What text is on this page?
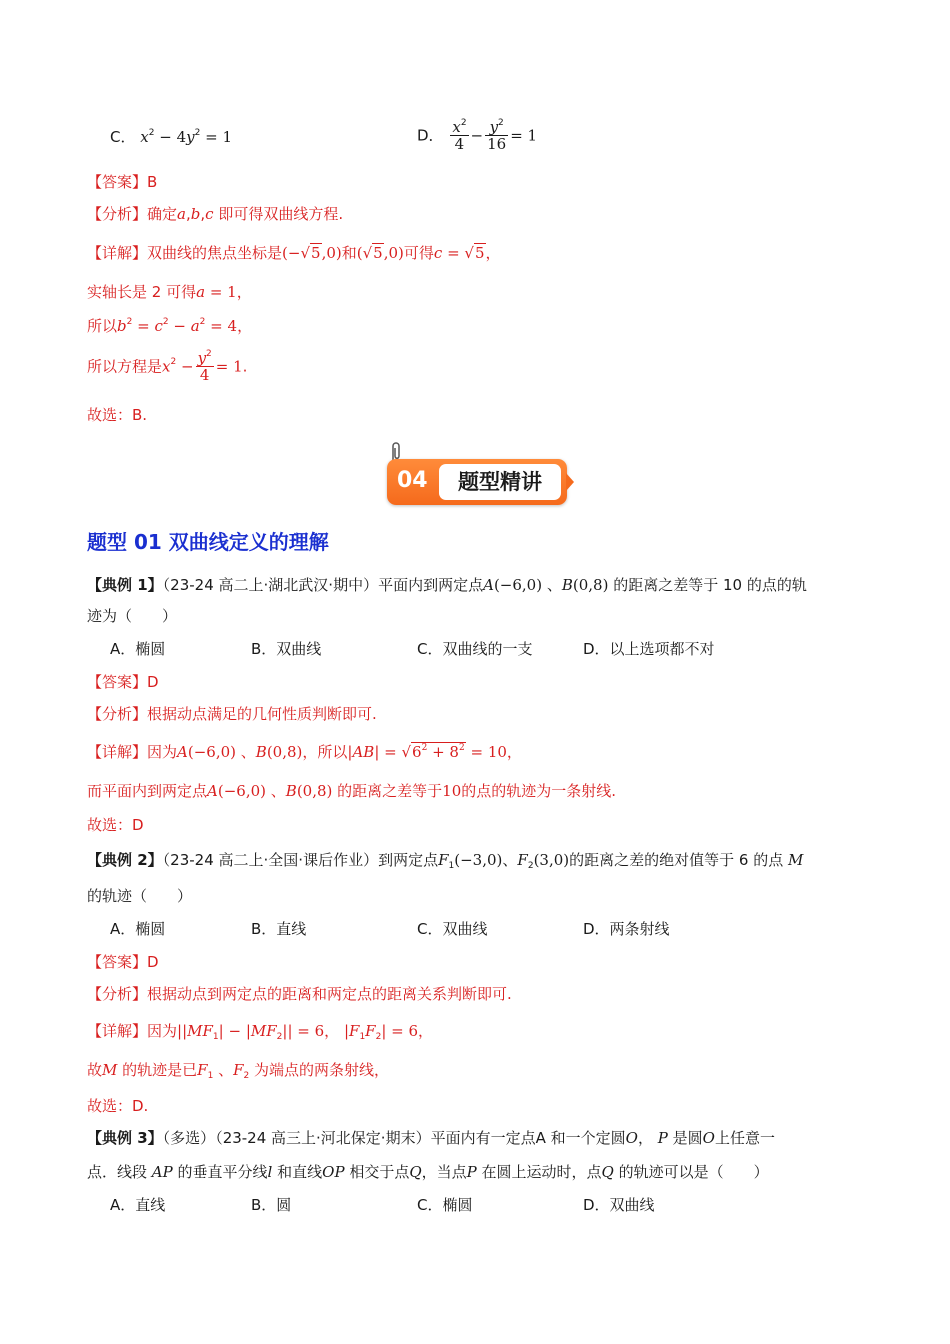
C． $x^2 - 4y^2 = 1$	D． $\frac{x^2}{4} - \frac{y^2}{16} = 1$
【答案】B
【分析】确定a,b,c 即可得双曲线方程.
【详解】双曲线的焦点坐标是(−√5,0)和(√5,0)可得c = √5，
实轴长是 2 可得a = 1，
所以$b^2 = c^2 - a^2 = 4$，
所以方程是$x^2 - \frac{y^2}{4} = 1$.
故选：B.
04	题型精讲
题型 01 双曲线定义的理解
【典例 1】（23-24 高二上·湖北武汉·期中）平面内到两定点A(−6,0) 、B(0,8) 的距离之差等于 10 的点的轨
迹为（　　）
A．椭圆	B．双曲线	C．双曲线的一支	D．以上选项都不对
【答案】D
【分析】根据动点满足的几何性质判断即可.
【详解】因为A(−6,0) 、B(0,8)，所以$|AB| = √6^2 + 8^2 = 10$，
而平面内到两定点A(−6,0) 、B(0,8) 的距离之差等于10的点的轨迹为一条射线.
故选：D
【典例 2】（23-24 高二上·全国·课后作业）到两定点$F_1(-3,0)$、$F_2(3,0)$的距离之差的绝对值等于 6 的点 M
的轨迹（　　）
A．椭圆	B．直线	C．双曲线	D．两条射线
【答案】D
【分析】根据动点到两定点的距离和两定点的距离关系判断即可.
【详解】因为$||MF_1| - |MF_2|| = 6$， $|F_1F_2| = 6$，
故M 的轨迹是已$F_1$ 、$F_2$ 为端点的两条射线，
故选：D.
【典例 3】（多选）（23-24 高三上·河北保定·期末）平面内有一定点A 和一个定圆O， P 是圆O上任意一
点．线段 AP 的垂直平分线l 和直线OP 相交于点Q，当点P 在圆上运动时，点Q 的轨迹可以是（　　）
A．直线	B．圆	C．椭圆	D．双曲线
